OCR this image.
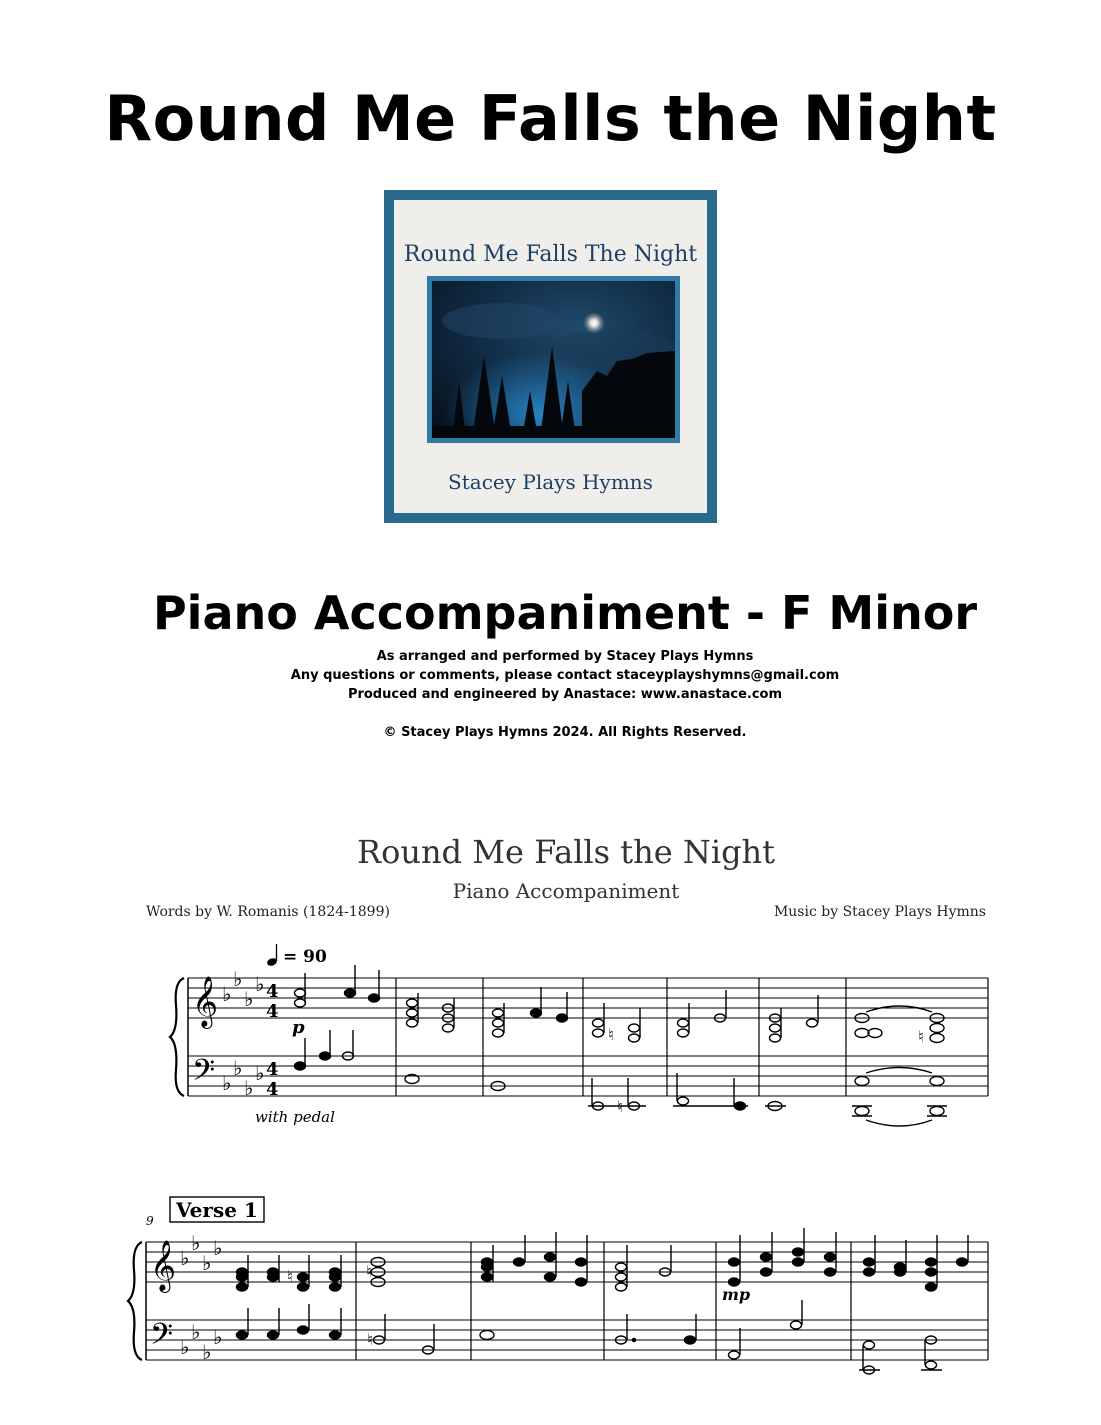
Round Me Falls the Night
Round Me Falls The Night
Stacey Plays Hymns
Piano Accompaniment - F Minor
As arranged and performed by Stacey Plays Hymns
Any questions or comments, please contact staceyplayshymns@gmail.com
Produced and engineered by Anastace: www.anastace.com
© Stacey Plays Hymns 2024. All Rights Reserved.
Round Me Falls the Night
Piano Accompaniment
Words by W. Romanis (1824-1899)	Music by Stacey Plays Hymns
= 90
𝄞
𝄢
♭
♭
♭
♭
♭
♭
♭
♭
4
4
4
4
p
with pedal
♮
♮
♮
9 Verse 1
𝄞
𝄢
♭
♭
♭
♭
♭
♭
♭
♭
mp
♮	♮
♮
